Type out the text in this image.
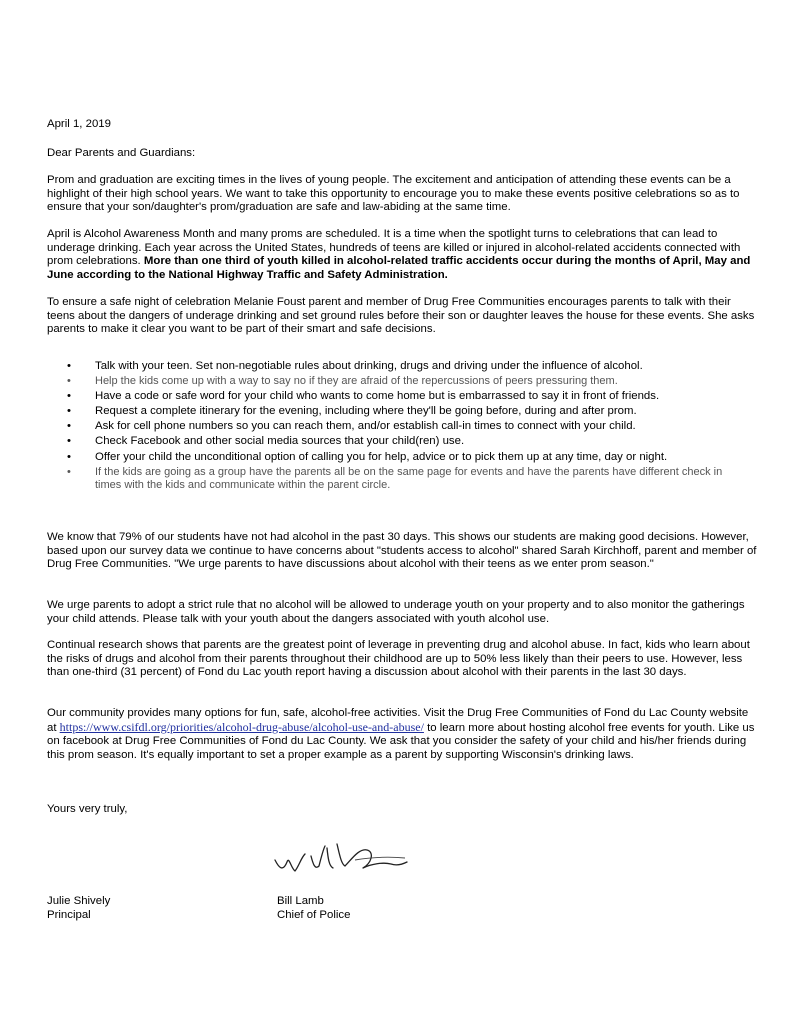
April 1, 2019
Dear Parents and Guardians:

Prom and graduation are exciting times in the lives of young people. The excitement and anticipation of attending these events can be a highlight of their high school years. We want to take this opportunity to encourage you to make these events positive celebrations so as to ensure that your son/daughter's prom/graduation are safe and law-abiding at the same time.

April is Alcohol Awareness Month and many proms are scheduled. It is a time when the spotlight turns to celebrations that can lead to underage drinking. Each year across the United States, hundreds of teens are killed or injured in alcohol-related accidents connected with prom celebrations. More than one third of youth killed in alcohol-related traffic accidents occur during the months of April, May and June according to the National Highway Traffic and Safety Administration.

To ensure a safe night of celebration Melanie Foust parent and member of Drug Free Communities encourages parents to talk with their teens about the dangers of underage drinking and set ground rules before their son or daughter leaves the house for these events. She asks parents to make it clear you want to be part of their smart and safe decisions.

• Talk with your teen. Set non-negotiable rules about drinking, drugs and driving under the influence of alcohol.
• Help the kids come up with a way to say no if they are afraid of the repercussions of peers pressuring them.
• Have a code or safe word for your child who wants to come home but is embarrassed to say it in front of friends.
• Request a complete itinerary for the evening, including where they'll be going before, during and after prom.
• Ask for cell phone numbers so you can reach them, and/or establish call-in times to connect with your child.
• Check Facebook and other social media sources that your child(ren) use.
• Offer your child the unconditional option of calling you for help, advice or to pick them up at any time, day or night.
• If the kids are going as a group have the parents all be on the same page for events and have the parents have different check in times with the kids and communicate within the parent circle.

We know that 79% of our students have not had alcohol in the past 30 days. This shows our students are making good decisions. However, based upon our survey data we continue to have concerns about "students access to alcohol" shared Sarah Kirchhoff, parent and member of Drug Free Communities. "We urge parents to have discussions about alcohol with their teens as we enter prom season."

We urge parents to adopt a strict rule that no alcohol will be allowed to underage youth on your property and to also monitor the gatherings your child attends. Please talk with your youth about the dangers associated with youth alcohol use.

Continual research shows that parents are the greatest point of leverage in preventing drug and alcohol abuse. In fact, kids who learn about the risks of drugs and alcohol from their parents throughout their childhood are up to 50% less likely than their peers to use. However, less than one-third (31 percent) of Fond du Lac youth report having a discussion about alcohol with their parents in the last 30 days.

Our community provides many options for fun, safe, alcohol-free activities. Visit the Drug Free Communities of Fond du Lac County website at https://www.csifdl.org/priorities/alcohol-drug-abuse/alcohol-use-and-abuse/ to learn more about hosting alcohol free events for youth. Like us on facebook at Drug Free Communities of Fond du Lac County. We ask that you consider the safety of your child and his/her friends during this prom season. It's equally important to set a proper example as a parent by supporting Wisconsin's drinking laws.

Yours very truly,
Julie Shively
Principal
Bill Lamb
Chief of Police
